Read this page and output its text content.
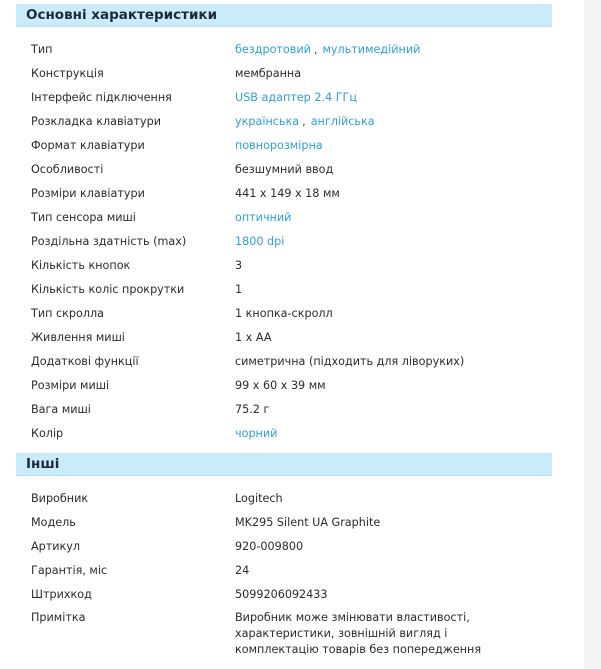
Основні характеристики
Тип	бездротовий , мультимедійний
Конструкція	мембранна
Інтерфейс підключення	USB адаптер 2.4 ГГц
Розкладка клавіатури	українська , англійська
Формат клавіатури	повнорозмірна
Особливості	безшумний ввод
Розміри клавіатури	441 x 149 x 18 мм
Тип сенсора миші	оптичний
Роздільна здатність (max)	1800 dpi
Кількість кнопок	3
Кількість коліс прокрутки	1
Тип скролла	1 кнопка-скролл
Живлення миші	1 x AA
Додаткові функції	симетрична (підходить для ліворуких)
Розміри миші	99 x 60 x 39 мм
Вага миші	75.2 г
Колір	чорний
Інші
Виробник	Logitech
Модель	MK295 Silent UA Graphite
Артикул	920-009800
Гарантія, міс	24
Штрихкод	5099206092433
Примітка	Виробник може змінювати властивості, характеристики, зовнішній вигляд і комплектацію товарів без попередження
